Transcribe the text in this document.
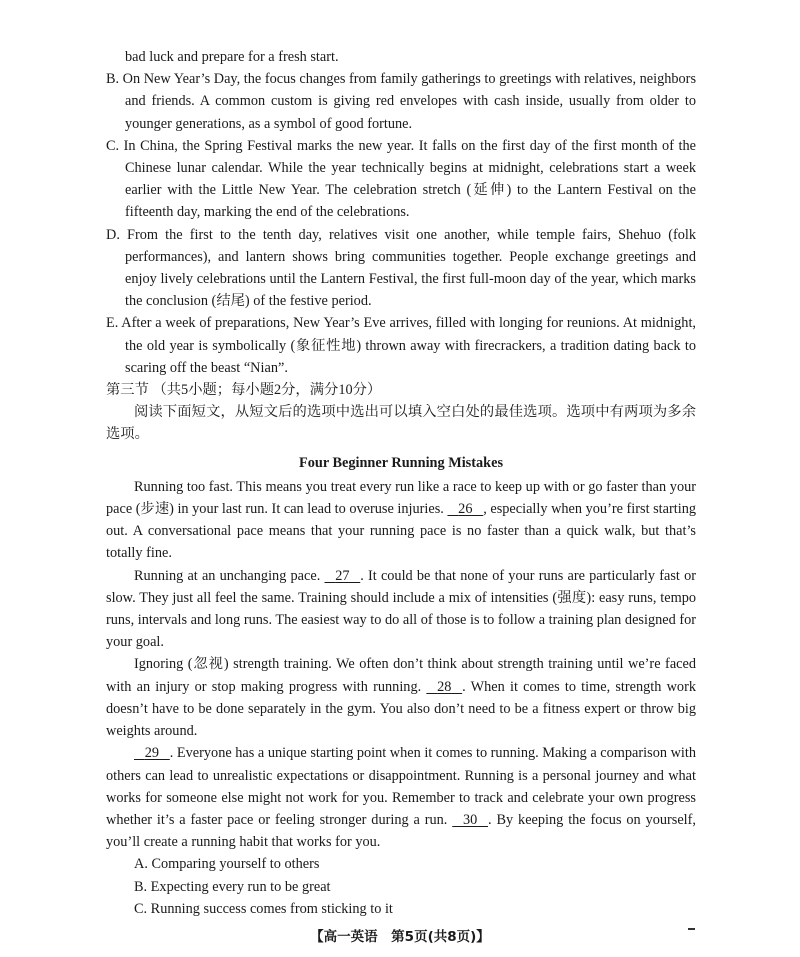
bad luck and prepare for a fresh start.
B. On New Year’s Day, the focus changes from family gatherings to greetings with relatives, neighbors and friends. A common custom is giving red envelopes with cash inside, usually from older to younger generations, as a symbol of good fortune.
C. In China, the Spring Festival marks the new year. It falls on the first day of the first month of the Chinese lunar calendar. While the year technically begins at midnight, celebrations start a week earlier with the Little New Year. The celebration stretch (延伸) to the Lantern Festival on the fifteenth day, marking the end of the celebrations.
D. From the first to the tenth day, relatives visit one another, while temple fairs, Shehuo (folk performances), and lantern shows bring communities together. People exchange greetings and enjoy lively celebrations until the Lantern Festival, the first full-moon day of the year, which marks the conclusion (结尾) of the festive period.
E. After a week of preparations, New Year’s Eve arrives, filled with longing for reunions. At midnight, the old year is symbolically (象征性地) thrown away with firecrackers, a tradition dating back to scaring off the beast “Nian”.
第三节 （共5小题；每小题2分，满分10分）
阅读下面短文，从短文后的选项中选出可以填入空白处的最佳选项。选项中有两项为多余选项。
Four Beginner Running Mistakes
Running too fast. This means you treat every run like a race to keep up with or go faster than your pace (步速) in your last run. It can lead to overuse injuries.    26 , especially when you’re first starting out. A conversational pace means that your running pace is no faster than a quick walk, but that’s totally fine.
Running at an unchanging pace.    27 . It could be that none of your runs are particularly fast or slow. They just all feel the same. Training should include a mix of intensities (强度): easy runs, tempo runs, intervals and long runs. The easiest way to do all of those is to follow a training plan designed for your goal.
Ignoring (忽视) strength training. We often don’t think about strength training until we’re faced with an injury or stop making progress with running.    28 . When it comes to time, strength work doesn’t have to be done separately in the gym. You also don’t need to be a fitness expert or throw big weights around.
29 . Everyone has a unique starting point when it comes to running. Making a comparison with others can lead to unrealistic expectations or disappointment. Running is a personal journey and what works for someone else might not work for you. Remember to track and celebrate your own progress whether it’s a faster pace or feeling stronger during a run.    30 . By keeping the focus on yourself, you’ll create a running habit that works for you.
A. Comparing yourself to others
B. Expecting every run to be great
C. Running success comes from sticking to it
【高一英语　第5页(共8页)】
